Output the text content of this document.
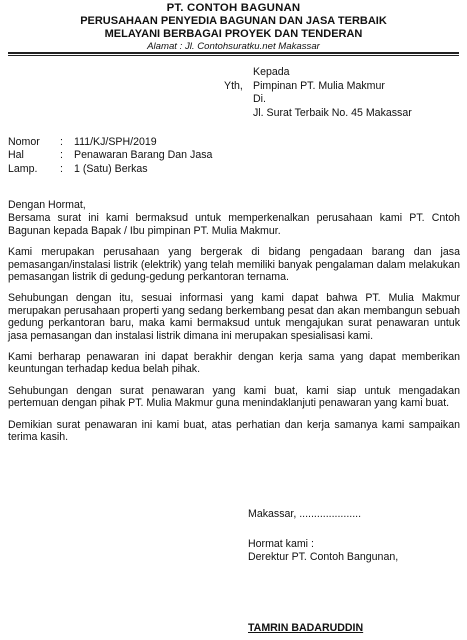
PT. CONTOH BAGUNAN
PERUSAHAAN PENYEDIA BAGUNAN DAN JASA TERBAIK
MELAYANI BERBAGAI PROYEK DAN TENDERAN
Alamat : Jl. Contohsuratku.net Makassar
Kepada
Yth, Pimpinan PT. Mulia Makmur
Di.
Jl. Surat Terbaik No. 45 Makassar
Nomor	:	111/KJ/SPH/2019
Hal	:	Penawaran Barang Dan Jasa
Lamp.	:	1 (Satu) Berkas

Dengan Hormat,

Bersama surat ini kami bermaksud untuk memperkenalkan perusahaan kami PT. Cntoh Bagunan kepada Bapak / Ibu pimpinan PT. Mulia Makmur.

Kami merupakan perusahaan yang bergerak di bidang pengadaan barang dan jasa pemasangan/instalasi listrik (elektrik) yang telah memiliki banyak pengalaman dalam melakukan pemasangan listrik di gedung-gedung perkantoran ternama.

Sehubungan dengan itu, sesuai informasi yang kami dapat bahwa PT. Mulia Makmur merupakan perusahaan properti yang sedang berkembang pesat dan akan membangun sebuah gedung perkantoran baru, maka kami bermaksud untuk mengajukan surat penawaran untuk jasa pemasangan dan instalasi listrik dimana ini merupakan spesialisasi kami.

Kami berharap penawaran ini dapat berakhir dengan kerja sama yang dapat memberikan keuntungan terhadap kedua belah pihak.

Sehubungan dengan surat penawaran yang kami buat, kami siap untuk mengadakan pertemuan dengan pihak PT. Mulia Makmur guna menindaklanjuti penawaran yang kami buat.

Demikian surat penawaran ini kami buat, atas perhatian dan kerja samanya kami sampaikan terima kasih.

Makassar, .....................
Hormat kami :
Derektur PT. Contoh Bangunan,
TAMRIN BADARUDDIN
